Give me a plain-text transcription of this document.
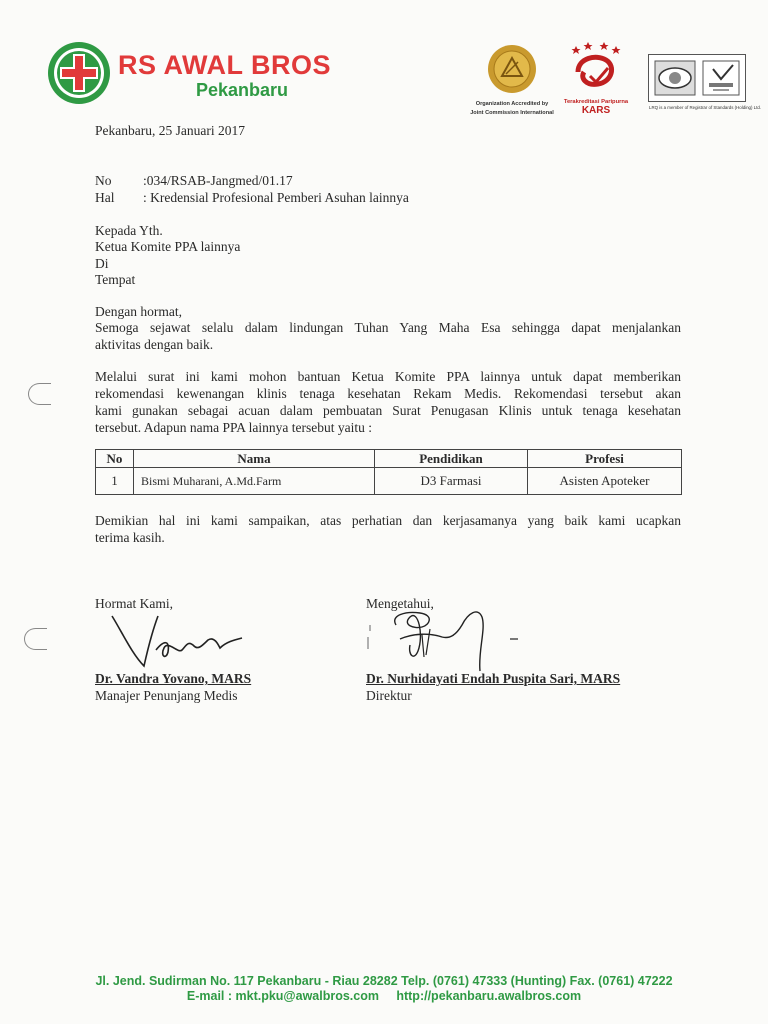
RS AWAL BROS
Pekanbaru
Organization Accredited by
Joint Commission International
Terakreditasi Paripurna
KARS	LRQ is a member of Registrar of Standards (Holding) Ltd.
Pekanbaru, 25 Januari 2017
No :034/RSAB-Jangmed/01.17
Hal : Kredensial Profesional Pemberi Asuhan lainnya
Kepada Yth.
Ketua Komite PPA lainnya
Di
Tempat
Dengan hormat,
Semoga sejawat selalu dalam lindungan Tuhan Yang Maha Esa sehingga dapat menjalankan
aktivitas dengan baik.
Melalui surat ini kami mohon bantuan Ketua Komite PPA lainnya untuk dapat memberikan
rekomendasi kewenangan klinis tenaga kesehatan Rekam Medis. Rekomendasi tersebut akan
kami gunakan sebagai acuan dalam pembuatan Surat Penugasan Klinis untuk tenaga kesehatan
tersebut. Adapun nama PPA lainnya tersebut yaitu :
No	Nama	Pendidikan	Profesi
1	Bismi Muharani, A.Md.Farm	D3 Farmasi	Asisten Apoteker
Demikian hal ini kami sampaikan, atas perhatian dan kerjasamanya yang baik kami ucapkan
terima kasih.
Hormat Kami,
Dr. Vandra Yovano, MARS
Manajer Penunjang Medis
Mengetahui,
Dr. Nurhidayati Endah Puspita Sari, MARS
Direktur
Jl. Jend. Sudirman No. 117 Pekanbaru - Riau 28282 Telp. (0761) 47333 (Hunting) Fax. (0761) 47222
E-mail : mkt.pku@awalbros.com     http://pekanbaru.awalbros.com
